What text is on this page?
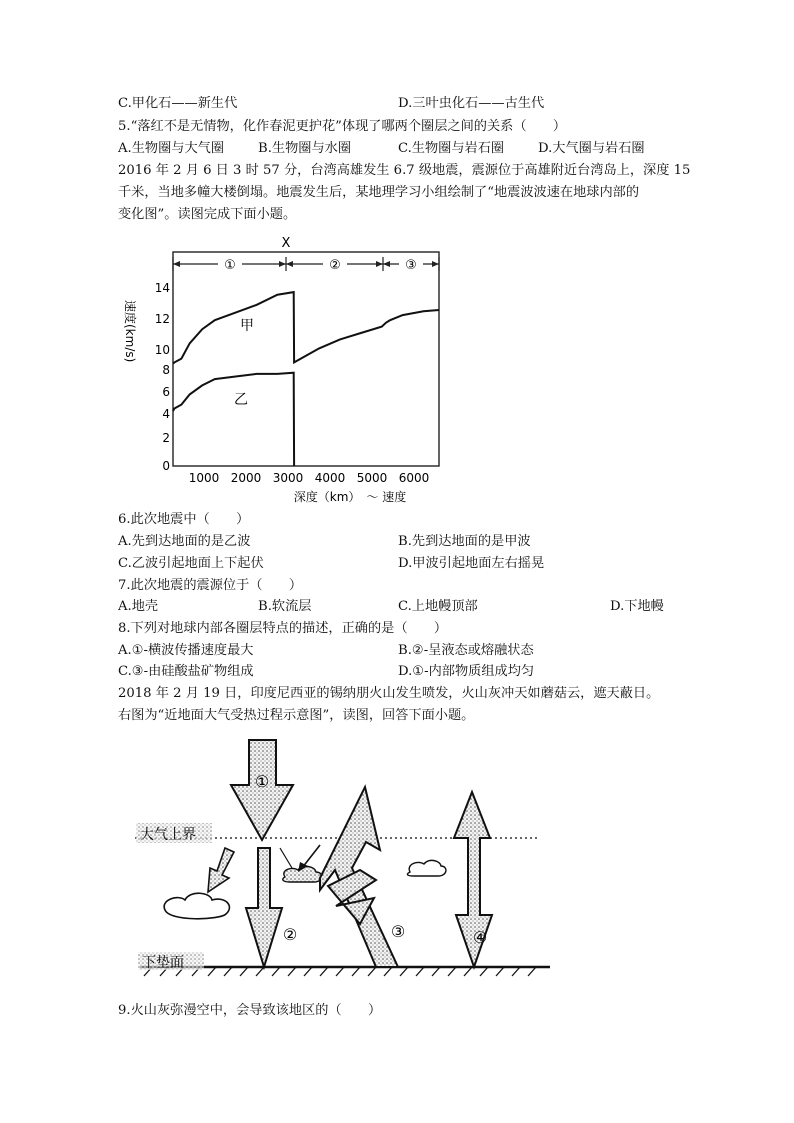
C.甲化石——新生代	D.三叶虫化石——古生代
5.“落红不是无情物，化作春泥更护花”体现了哪两个圈层之间的关系（　　）
A.生物圈与大气圈	B.生物圈与水圈	C.生物圈与岩石圈	D.大气圈与岩石圈
2016 年 2 月 6 日 3 时 57 分，台湾高雄发生 6.7 级地震，震源位于高雄附近台湾岛上，深度 15
千米，当地多幢大楼倒塌。地震发生后，某地理学习小组绘制了“地震波波速在地球内部的
变化图”。读图完成下面小题。
①	②	③
X
14
12
10
8
6
4
2
0
速度(km/s)
1000 2000 3000 4000 5000 6000
深度（km）　～ 速度
甲
乙
6.此次地震中（　　）
A.先到达地面的是乙波	B.先到达地面的是甲波
C.乙波引起地面上下起伏	D.甲波引起地面左右摇晃
7.此次地震的震源位于（　　）
A.地壳	B.软流层	C.上地幔顶部	D.下地幔
8.下列对地球内部各圈层特点的描述，正确的是（　　）
A.①-横波传播速度最大	B.②-呈液态或熔融状态
C.③-由硅酸盐矿物组成	D.①-内部物质组成均匀
2018 年 2 月 19 日，印度尼西亚的锡纳朋火山发生喷发，火山灰冲天如蘑菇云，遮天蔽日。
右图为“近地面大气受热过程示意图”，读图，回答下面小题。
大气上界
下垫面
①
②	③	④
9.火山灰弥漫空中，会导致该地区的（　　）
